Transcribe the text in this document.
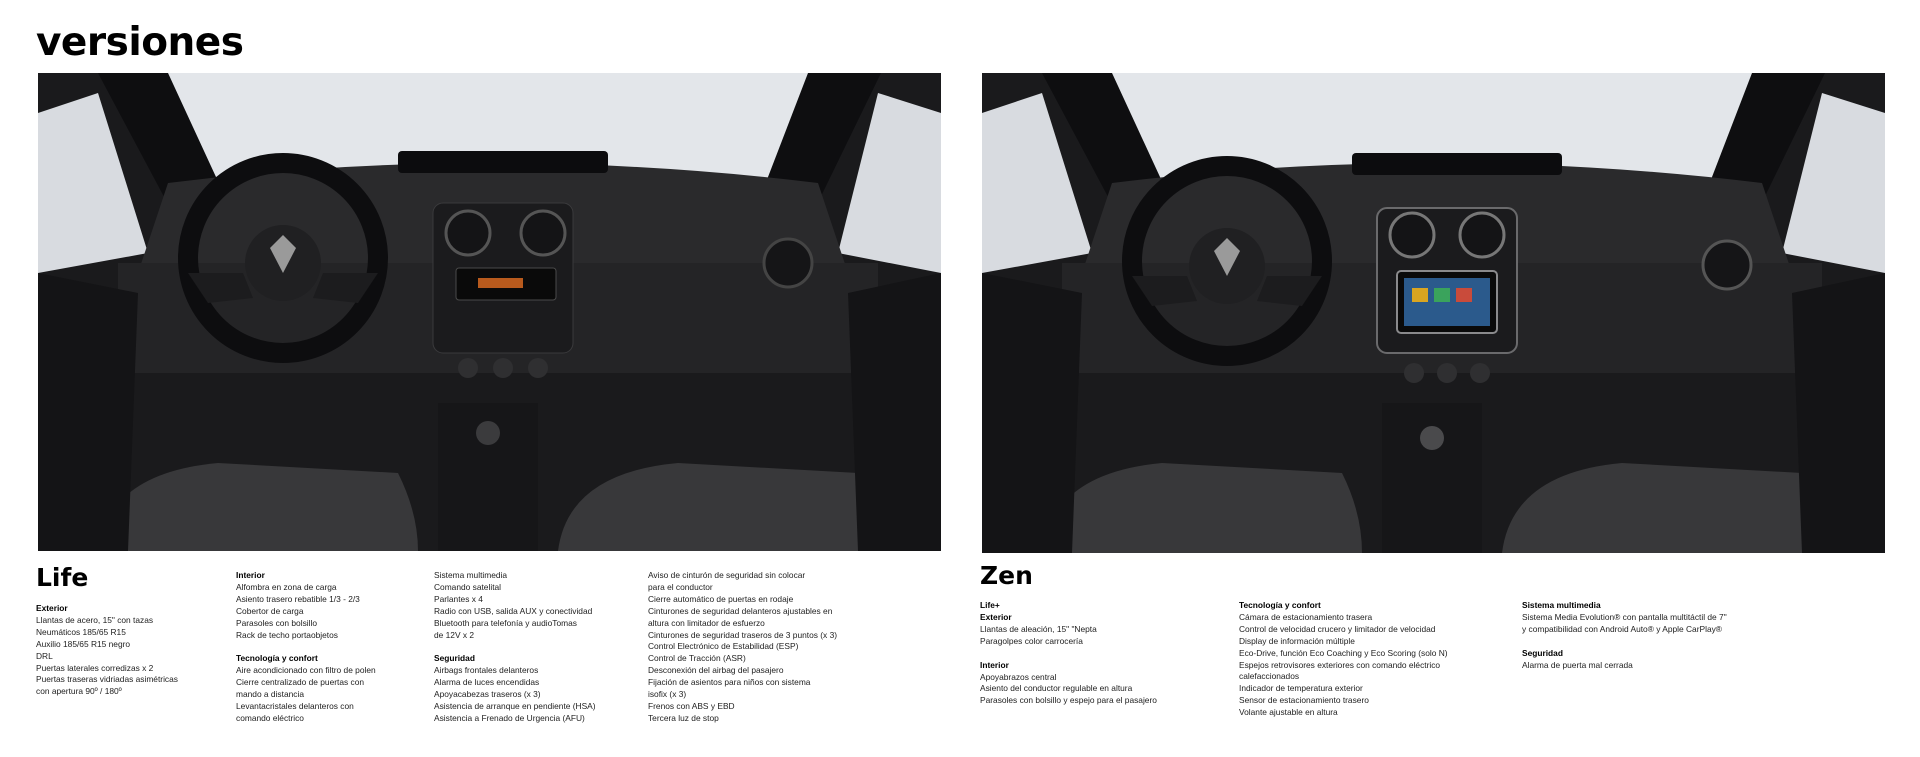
versiones
Life
Exterior
Llantas de acero, 15" con tazas
Neumáticos 185/65 R15
Auxilio 185/65 R15 negro
DRL
Puertas laterales corredizas x 2
Puertas traseras vidriadas asimétricas
con apertura 90º / 180º
Interior
Alfombra en zona de carga
Asiento trasero rebatible 1/3 - 2/3
Cobertor de carga
Parasoles con bolsillo
Rack de techo portaobjetos
Tecnología y confort
Aire acondicionado con filtro de polen
Cierre centralizado de puertas con
mando a distancia
Levantacristales delanteros con
comando eléctrico
Sistema multimedia
Comando satelital
Parlantes x 4
Radio con USB, salida AUX y conectividad
Bluetooth para telefonía y audioTomas
de 12V x 2
Seguridad
Airbags frontales delanteros
Alarma de luces encendidas
Apoyacabezas traseros (x 3)
Asistencia de arranque en pendiente (HSA)
Asistencia a Frenado de Urgencia (AFU)
Aviso de cinturón de seguridad sin colocar
para el conductor
Cierre automático de puertas en rodaje
Cinturones de seguridad delanteros ajustables en
altura con limitador de esfuerzo
Cinturones de seguridad traseros de 3 puntos (x 3)
Control Electrónico de Estabilidad (ESP)
Control de Tracción (ASR)
Desconexión del airbag del pasajero
Fijación de asientos para niños con sistema
isofix (x 3)
Frenos con ABS y EBD
Tercera luz de stop
Zen
Life+
Exterior
Llantas de aleación, 15" "Nepta
Paragolpes color carrocería
Interior
Apoyabrazos central
Asiento del conductor regulable en altura
Parasoles con bolsillo y espejo para el pasajero
Tecnología y confort
Cámara de estacionamiento trasera
Control de velocidad crucero y limitador de velocidad
Display de información múltiple
Eco-Drive, función Eco Coaching y Eco Scoring (solo N)
Espejos retrovisores exteriores con comando eléctrico
calefaccionados
Indicador de temperatura exterior
Sensor de estacionamiento trasero
Volante ajustable en altura
Sistema multimedia
Sistema Media Evolution® con pantalla multitáctil de 7"
y compatibilidad con Android Auto® y Apple CarPlay®
Seguridad
Alarma de puerta mal cerrada
